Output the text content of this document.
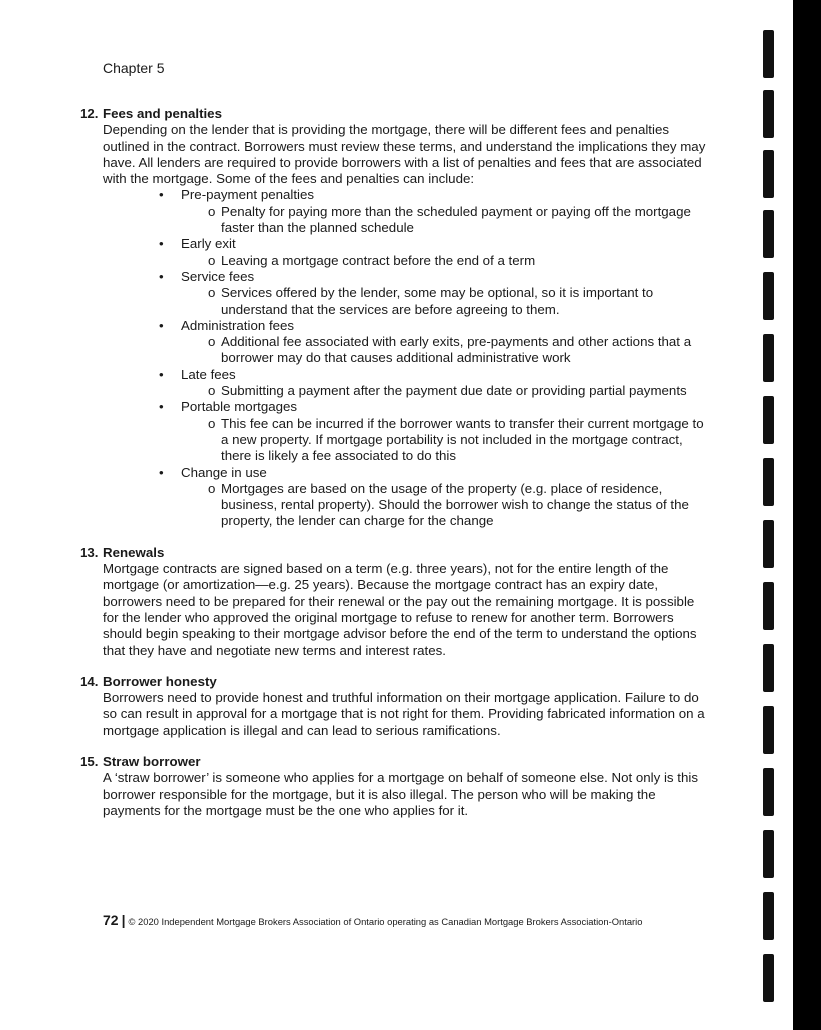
Chapter 5
12. Fees and penalties

Depending on the lender that is providing the mortgage, there will be different fees and penalties outlined in the contract. Borrowers must review these terms, and understand the implications they may have. All lenders are required to provide borrowers with a list of penalties and fees that are associated with the mortgage. Some of the fees and penalties can include:

• Pre-payment penalties
o Penalty for paying more than the scheduled payment or paying off the mortgage faster than the planned schedule
• Early exit
o Leaving a mortgage contract before the end of a term
• Service fees
o Services offered by the lender, some may be optional, so it is important to understand that the services are before agreeing to them.
• Administration fees
o Additional fee associated with early exits, pre-payments and other actions that a borrower may do that causes additional administrative work
• Late fees
o Submitting a payment after the payment due date or providing partial payments
• Portable mortgages
o This fee can be incurred if the borrower wants to transfer their current mortgage to a new property. If mortgage portability is not included in the mortgage contract, there is likely a fee associated to do this
• Change in use
o Mortgages are based on the usage of the property (e.g. place of residence, business, rental property). Should the borrower wish to change the status of the property, the lender can charge for the change
13. Renewals

Mortgage contracts are signed based on a term (e.g. three years), not for the entire length of the mortgage (or amortization—e.g. 25 years). Because the mortgage contract has an expiry date, borrowers need to be prepared for their renewal or the pay out the remaining mortgage. It is possible for the lender who approved the original mortgage to refuse to renew for another term. Borrowers should begin speaking to their mortgage advisor before the end of the term to understand the options that they have and negotiate new terms and interest rates.

14. Borrower honesty

Borrowers need to provide honest and truthful information on their mortgage application. Failure to do so can result in approval for a mortgage that is not right for them. Providing fabricated information on a mortgage application is illegal and can lead to serious ramifications.

15. Straw borrower

A ‘straw borrower’ is someone who applies for a mortgage on behalf of someone else. Not only is this borrower responsible for the mortgage, but it is also illegal. The person who will be making the payments for the mortgage must be the one who applies for it.

72 | © 2020 Independent Mortgage Brokers Association of Ontario operating as Canadian Mortgage Brokers Association-Ontario
